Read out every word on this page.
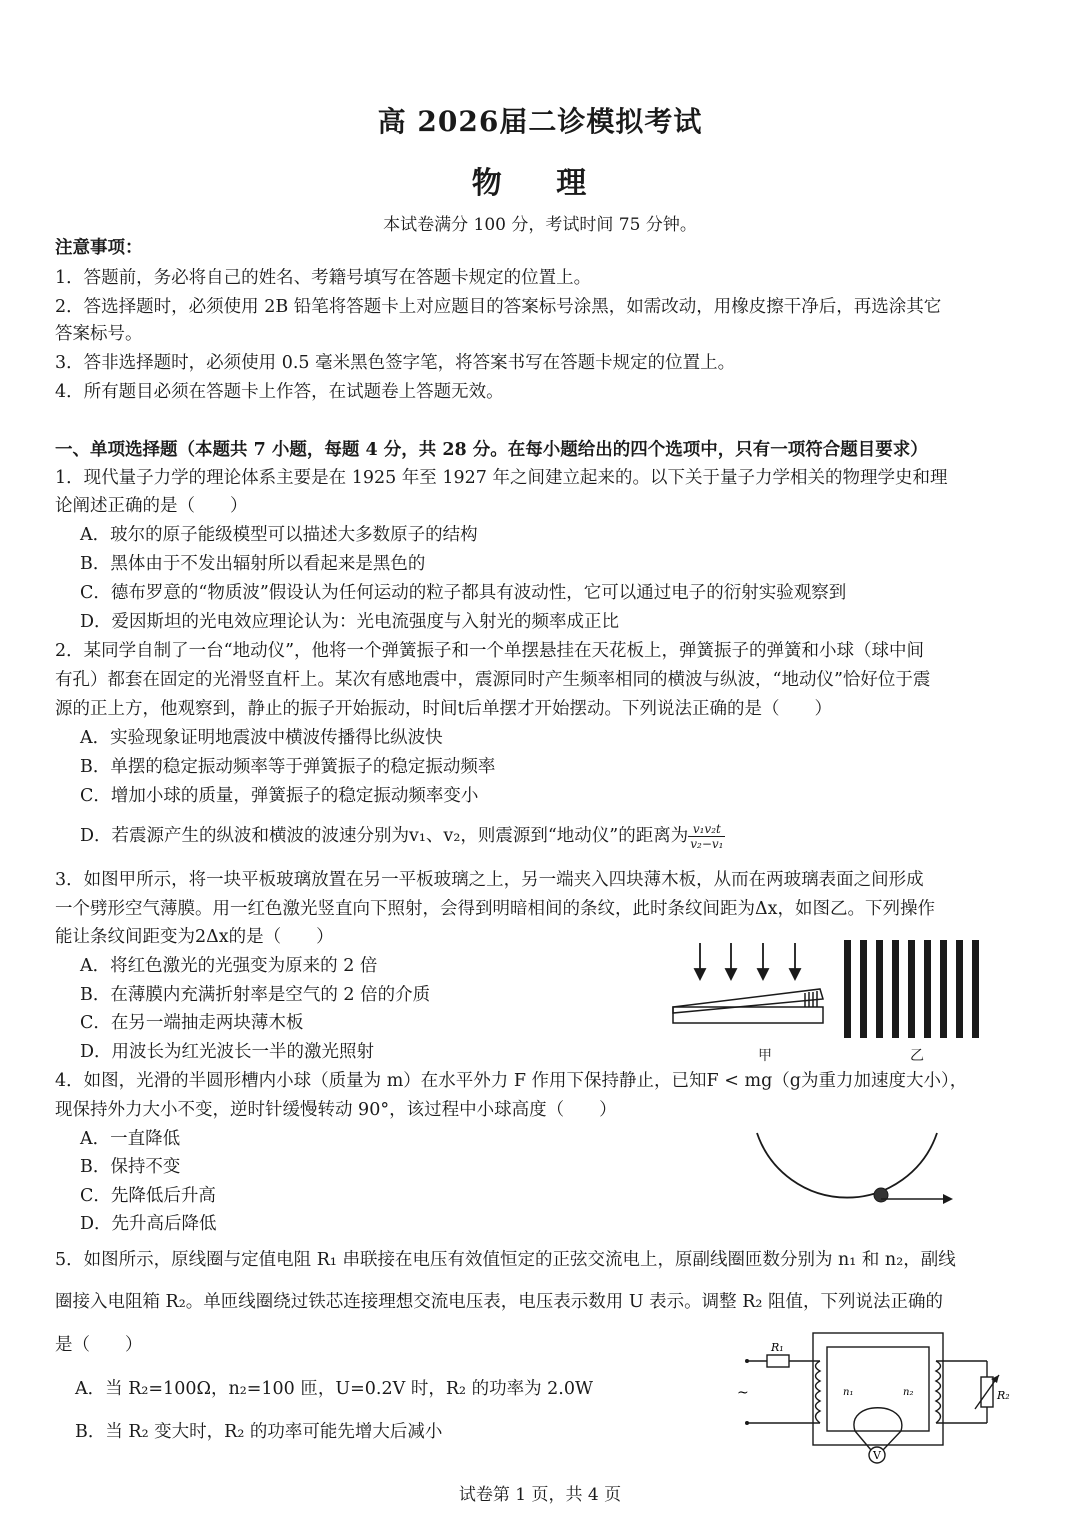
高 2026届二诊模拟考试
物 理
本试卷满分 100 分，考试时间 75 分钟。
注意事项：
1．答题前，务必将自己的姓名、考籍号填写在答题卡规定的位置上。
2．答选择题时，必须使用 2B 铅笔将答题卡上对应题目的答案标号涂黑，如需改动，用橡皮擦干净后，再选涂其它
答案标号。
3．答非选择题时，必须使用 0.5 毫米黑色签字笔，将答案书写在答题卡规定的位置上。
4．所有题目必须在答题卡上作答，在试题卷上答题无效。
一、单项选择题（本题共 7 小题，每题 4 分，共 28 分。在每小题给出的四个选项中，只有一项符合题目要求）
1．现代量子力学的理论体系主要是在 1925 年至 1927 年之间建立起来的。以下关于量子力学相关的物理学史和理
论阐述正确的是（　　）
A．玻尔的原子能级模型可以描述大多数原子的结构
B．黑体由于不发出辐射所以看起来是黑色的
C．德布罗意的“物质波”假设认为任何运动的粒子都具有波动性，它可以通过电子的衍射实验观察到
D．爱因斯坦的光电效应理论认为：光电流强度与入射光的频率成正比
2．某同学自制了一台“地动仪”，他将一个弹簧振子和一个单摆悬挂在天花板上，弹簧振子的弹簧和小球（球中间
有孔）都套在固定的光滑竖直杆上。某次有感地震中，震源同时产生频率相同的横波与纵波，“地动仪”恰好位于震
源的正上方，他观察到，静止的振子开始振动，时间t后单摆才开始摆动。下列说法正确的是（　　）
A．实验现象证明地震波中横波传播得比纵波快
B．单摆的稳定振动频率等于弹簧振子的稳定振动频率
C．增加小球的质量，弹簧振子的稳定振动频率变小
D．若震源产生的纵波和横波的波速分别为v₁、v₂，则震源到“地动仪”的距离为 $\frac{\text{v₁v₂t}}{\text{v₂−v₁}}$
3．如图甲所示，将一块平板玻璃放置在另一平板玻璃之上，另一端夹入四块薄木板，从而在两玻璃表面之间形成
一个劈形空气薄膜。用一红色激光竖直向下照射，会得到明暗相间的条纹，此时条纹间距为Δx，如图乙。下列操作
能让条纹间距变为2Δx的是（　　）
A．将红色激光的光强变为原来的 2 倍
B．在薄膜内充满折射率是空气的 2 倍的介质
C．在另一端抽走两块薄木板
D．用波长为红光波长一半的激光照射	甲	乙
4．如图，光滑的半圆形槽内小球（质量为 m）在水平外力 F 作用下保持静止，已知F < mg（g为重力加速度大小），
现保持外力大小不变，逆时针缓慢转动 90°，该过程中小球高度（　　）
A．一直降低
B．保持不变
C．先降低后升高
D．先升高后降低
5．如图所示，原线圈与定值电阻 R₁ 串联接在电压有效值恒定的正弦交流电上，原副线圈匝数分别为 n₁ 和 n₂，副线
圈接入电阻箱 R₂。单匝线圈绕过铁芯连接理想交流电压表，电压表示数用 U 表示。调整 R₂ 阻值，下列说法正确的
是（　　）
A．当 R₂=100Ω，n₂=100 匝，U=0.2V 时，R₂ 的功率为 2.0W
B．当 R₂ 变大时，R₂ 的功率可能先增大后减小
V
R₁
R₂
n₁	n₂
~
试卷第 1 页，共 4 页
